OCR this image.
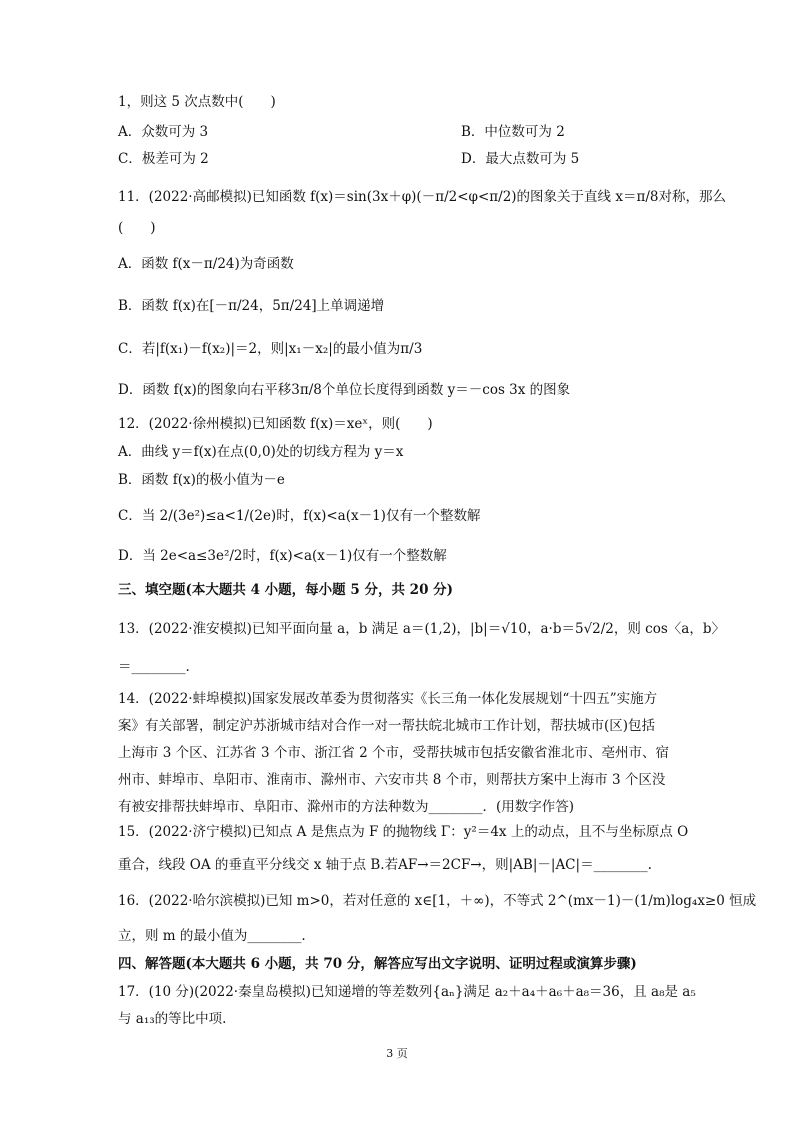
1，则这 5 次点数中(　　)
A．众数可为 3	B．中位数可为 2
C．极差可为 2	D．最大点数可为 5
11．(2022·高邮模拟)已知函数 f(x)＝sin(3x＋φ)(－π/2<φ<π/2)的图象关于直线 x＝π/8对称，那么
(　　)
A．函数 f(x－π/24)为奇函数
B．函数 f(x)在[－π/24，5π/24]上单调递增
C．若|f(x₁)－f(x₂)|＝2，则|x₁－x₂|的最小值为π/3
D．函数 f(x)的图象向右平移3π/8个单位长度得到函数 y＝－cos 3x 的图象
12．(2022·徐州模拟)已知函数 f(x)＝xeˣ，则(　　)
A．曲线 y＝f(x)在点(0,0)处的切线方程为 y＝x
B．函数 f(x)的极小值为－e
C．当 2/(3e²)≤a<1/(2e)时，f(x)<a(x－1)仅有一个整数解
D．当 2e<a≤3e²/2时，f(x)<a(x－1)仅有一个整数解
三、填空题(本大题共 4 小题，每小题 5 分，共 20 分)
13．(2022·淮安模拟)已知平面向量 a，b 满足 a＝(1,2)，|b|＝√10，a·b＝5√2/2，则 cos〈a，b〉
＝________.
14．(2022·蚌埠模拟)国家发展改革委为贯彻落实《长三角一体化发展规划“十四五”实施方
案》有关部署，制定沪苏浙城市结对合作一对一帮扶皖北城市工作计划，帮扶城市(区)包括
上海市 3 个区、江苏省 3 个市、浙江省 2 个市，受帮扶城市包括安徽省淮北市、亳州市、宿
州市、蚌埠市、阜阳市、淮南市、滁州市、六安市共 8 个市，则帮扶方案中上海市 3 个区没
有被安排帮扶蚌埠市、阜阳市、滁州市的方法种数为________．(用数字作答)
15．(2022·济宁模拟)已知点 A 是焦点为 F 的抛物线 Γ：y²＝4x 上的动点，且不与坐标原点 O
重合，线段 OA 的垂直平分线交 x 轴于点 B.若AF→＝2CF→，则|AB|－|AC|＝________.
16．(2022·哈尔滨模拟)已知 m>0，若对任意的 x∈[1，＋∞)，不等式 2^(mx－1)－(1/m)log₄x≥0 恒成
立，则 m 的最小值为________.
四、解答题(本大题共 6 小题，共 70 分，解答应写出文字说明、证明过程或演算步骤)
17．(10 分)(2022·秦皇岛模拟)已知递增的等差数列{aₙ}满足 a₂＋a₄＋a₆＋a₈＝36，且 a₈是 a₅
与 a₁₃的等比中项.
3 页
